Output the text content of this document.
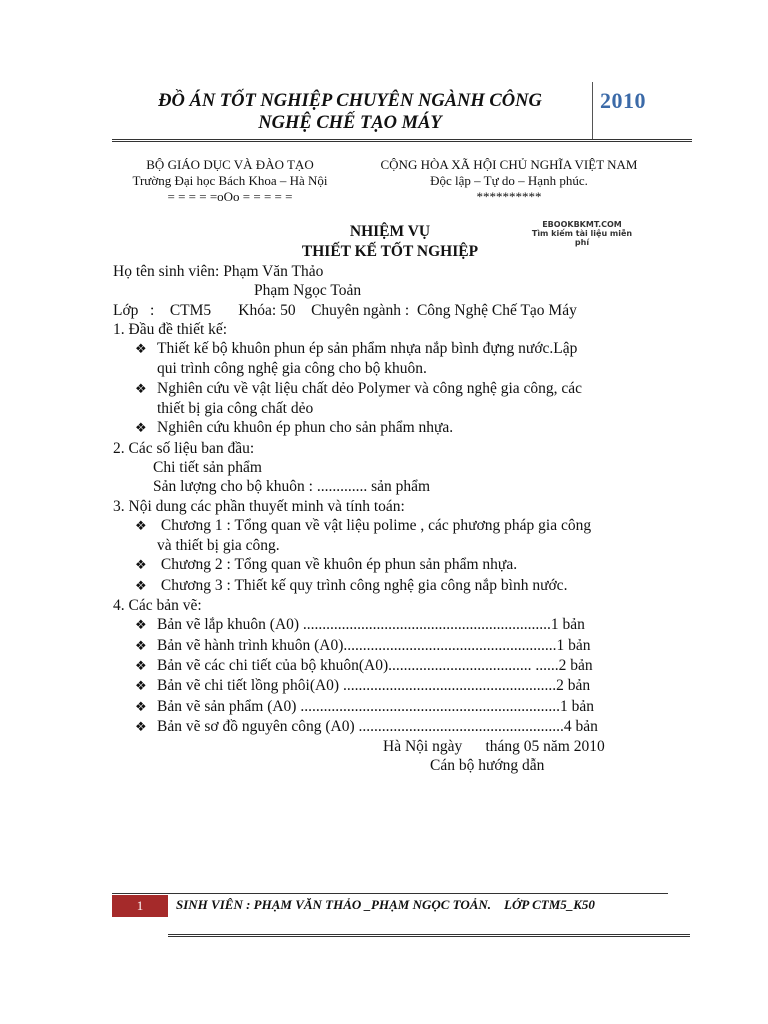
ĐỒ ÁN TỐT NGHIỆP CHUYÊN NGÀNH CÔNG
NGHỆ CHẾ TẠO MÁY
2010
BỘ GIÁO DỤC VÀ ĐÀO TẠO
Trường Đại học Bách Khoa – Hà Nội
= = = = =oOo = = = = =
CỘNG HÒA XÃ HỘI CHỦ NGHĨA VIỆT NAM
Độc lập – Tự do – Hạnh phúc.
**********
EBOOKBKMT.COM
Tìm kiếm tài liệu miễn phí
NHIỆM VỤ
THIẾT KẾ TỐT NGHIỆP
Họ tên sinh viên: Phạm Văn Thảo
Phạm Ngọc Toản
Lớp   :    CTM5       Khóa: 50    Chuyên ngành :  Công Nghệ Chế Tạo Máy
1. Đầu đề thiết kế:
❖ Thiết kế bộ khuôn phun ép sản phẩm nhựa nắp bình đựng nước.Lập
qui trình công nghệ gia công cho bộ khuôn.
❖ Nghiên cứu về vật liệu chất dẻo Polymer và công nghệ gia công, các
thiết bị gia công chất dẻo
❖ Nghiên cứu khuôn ép phun cho sản phẩm nhựa.
2. Các số liệu ban đầu:
Chi tiết sản phẩm
Sản lượng cho bộ khuôn : ............. sản phẩm
3. Nội dung các phần thuyết minh và tính toán:
❖ Chương 1 : Tổng quan về vật liệu polime , các phương pháp gia công
và thiết bị gia công.
❖ Chương 2 : Tổng quan về khuôn ép phun sản phẩm nhựa.
❖ Chương 3 : Thiết kế quy trình công nghệ gia công nắp bình nước.
4. Các bản vẽ:
❖ Bản vẽ lắp khuôn (A0) ................................................................1 bản
❖ Bản vẽ hành trình khuôn (A0).......................................................1 bản
❖ Bản vẽ các chi tiết của bộ khuôn(A0)..................................... ......2 bản
❖ Bản vẽ chi tiết lồng phôi(A0) .......................................................2 bản
❖ Bản vẽ sản phẩm (A0) ...................................................................1 bản
❖ Bản vẽ sơ đồ nguyên công (A0) .....................................................4 bản
Hà Nội ngày      tháng 05 năm 2010
Cán bộ hướng dẫn
1	SINH VIÊN : PHẠM VĂN THẢO _PHẠM NGỌC TOẢN.    LỚP CTM5_K50
